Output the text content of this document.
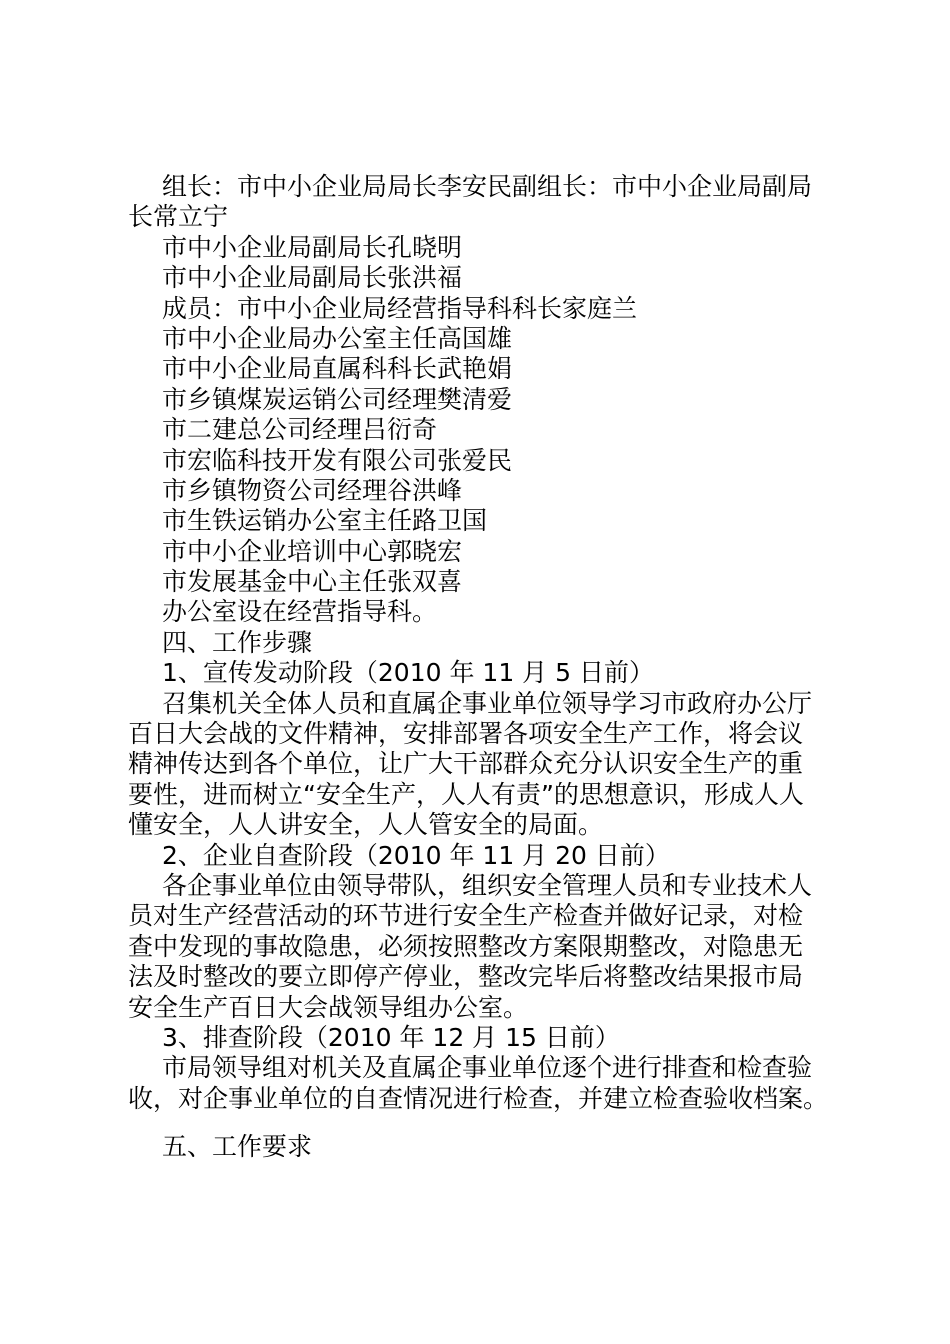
组长：市中小企业局局长李安民副组长：市中小企业局副局
长常立宁
市中小企业局副局长孔晓明
市中小企业局副局长张洪福
成员：市中小企业局经营指导科科长家庭兰
市中小企业局办公室主任高国雄
市中小企业局直属科科长武艳娟
市乡镇煤炭运销公司经理樊清爱
市二建总公司经理吕衍奇
市宏临科技开发有限公司张爱民
市乡镇物资公司经理谷洪峰
市生铁运销办公室主任路卫国
市中小企业培训中心郭晓宏
市发展基金中心主任张双喜
办公室设在经营指导科。
四、工作步骤
1、宣传发动阶段（2010 年 11 月 5 日前）
召集机关全体人员和直属企事业单位领导学习市政府办公厅
百日大会战的文件精神，安排部署各项安全生产工作，将会议
精神传达到各个单位，让广大干部群众充分认识安全生产的重
要性，进而树立“安全生产，人人有责”的思想意识，形成人人
懂安全，人人讲安全，人人管安全的局面。
2、企业自查阶段（2010 年 11 月 20 日前）
各企事业单位由领导带队，组织安全管理人员和专业技术人
员对生产经营活动的环节进行安全生产检查并做好记录，对检
查中发现的事故隐患，必须按照整改方案限期整改，对隐患无
法及时整改的要立即停产停业，整改完毕后将整改结果报市局
安全生产百日大会战领导组办公室。
3、排查阶段（2010 年 12 月 15 日前）
市局领导组对机关及直属企事业单位逐个进行排查和检查验
收，对企事业单位的自查情况进行检查，并建立检查验收档案。
五、工作要求
